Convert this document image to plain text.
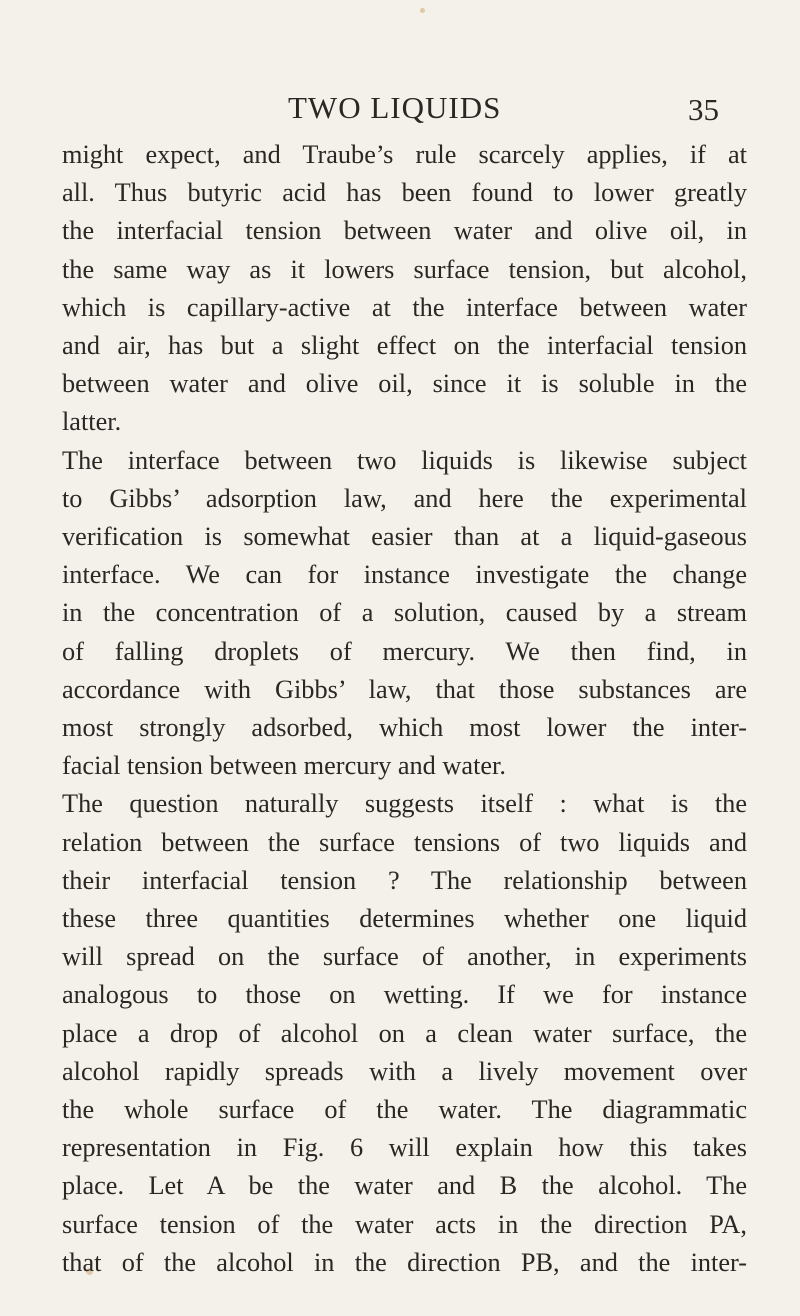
TWO LIQUIDS	35

might expect, and Traube’s rule scarcely applies, if at
all. Thus butyric acid has been found to lower greatly
the interfacial tension between water and olive oil, in
the same way as it lowers surface tension, but alcohol,
which is capillary-active at the interface between water
and air, has but a slight effect on the interfacial tension
between water and olive oil, since it is soluble in the
latter.

The interface between two liquids is likewise subject
to Gibbs’ adsorption law, and here the experimental
verification is somewhat easier than at a liquid-gaseous
interface. We can for instance investigate the change
in the concentration of a solution, caused by a stream
of falling droplets of mercury. We then find, in
accordance with Gibbs’ law, that those substances are
most strongly adsorbed, which most lower the inter-
facial tension between mercury and water.

The question naturally suggests itself : what is the
relation between the surface tensions of two liquids and
their interfacial tension ? The relationship between
these three quantities determines whether one liquid
will spread on the surface of another, in experiments
analogous to those on wetting. If we for instance
place a drop of alcohol on a clean water surface, the
alcohol rapidly spreads with a lively movement over
the whole surface of the water. The diagrammatic
representation in Fig. 6 will explain how this takes
place. Let A be the water and B the alcohol. The
surface tension of the water acts in the direction PA,
that of the alcohol in the direction PB, and the inter-
